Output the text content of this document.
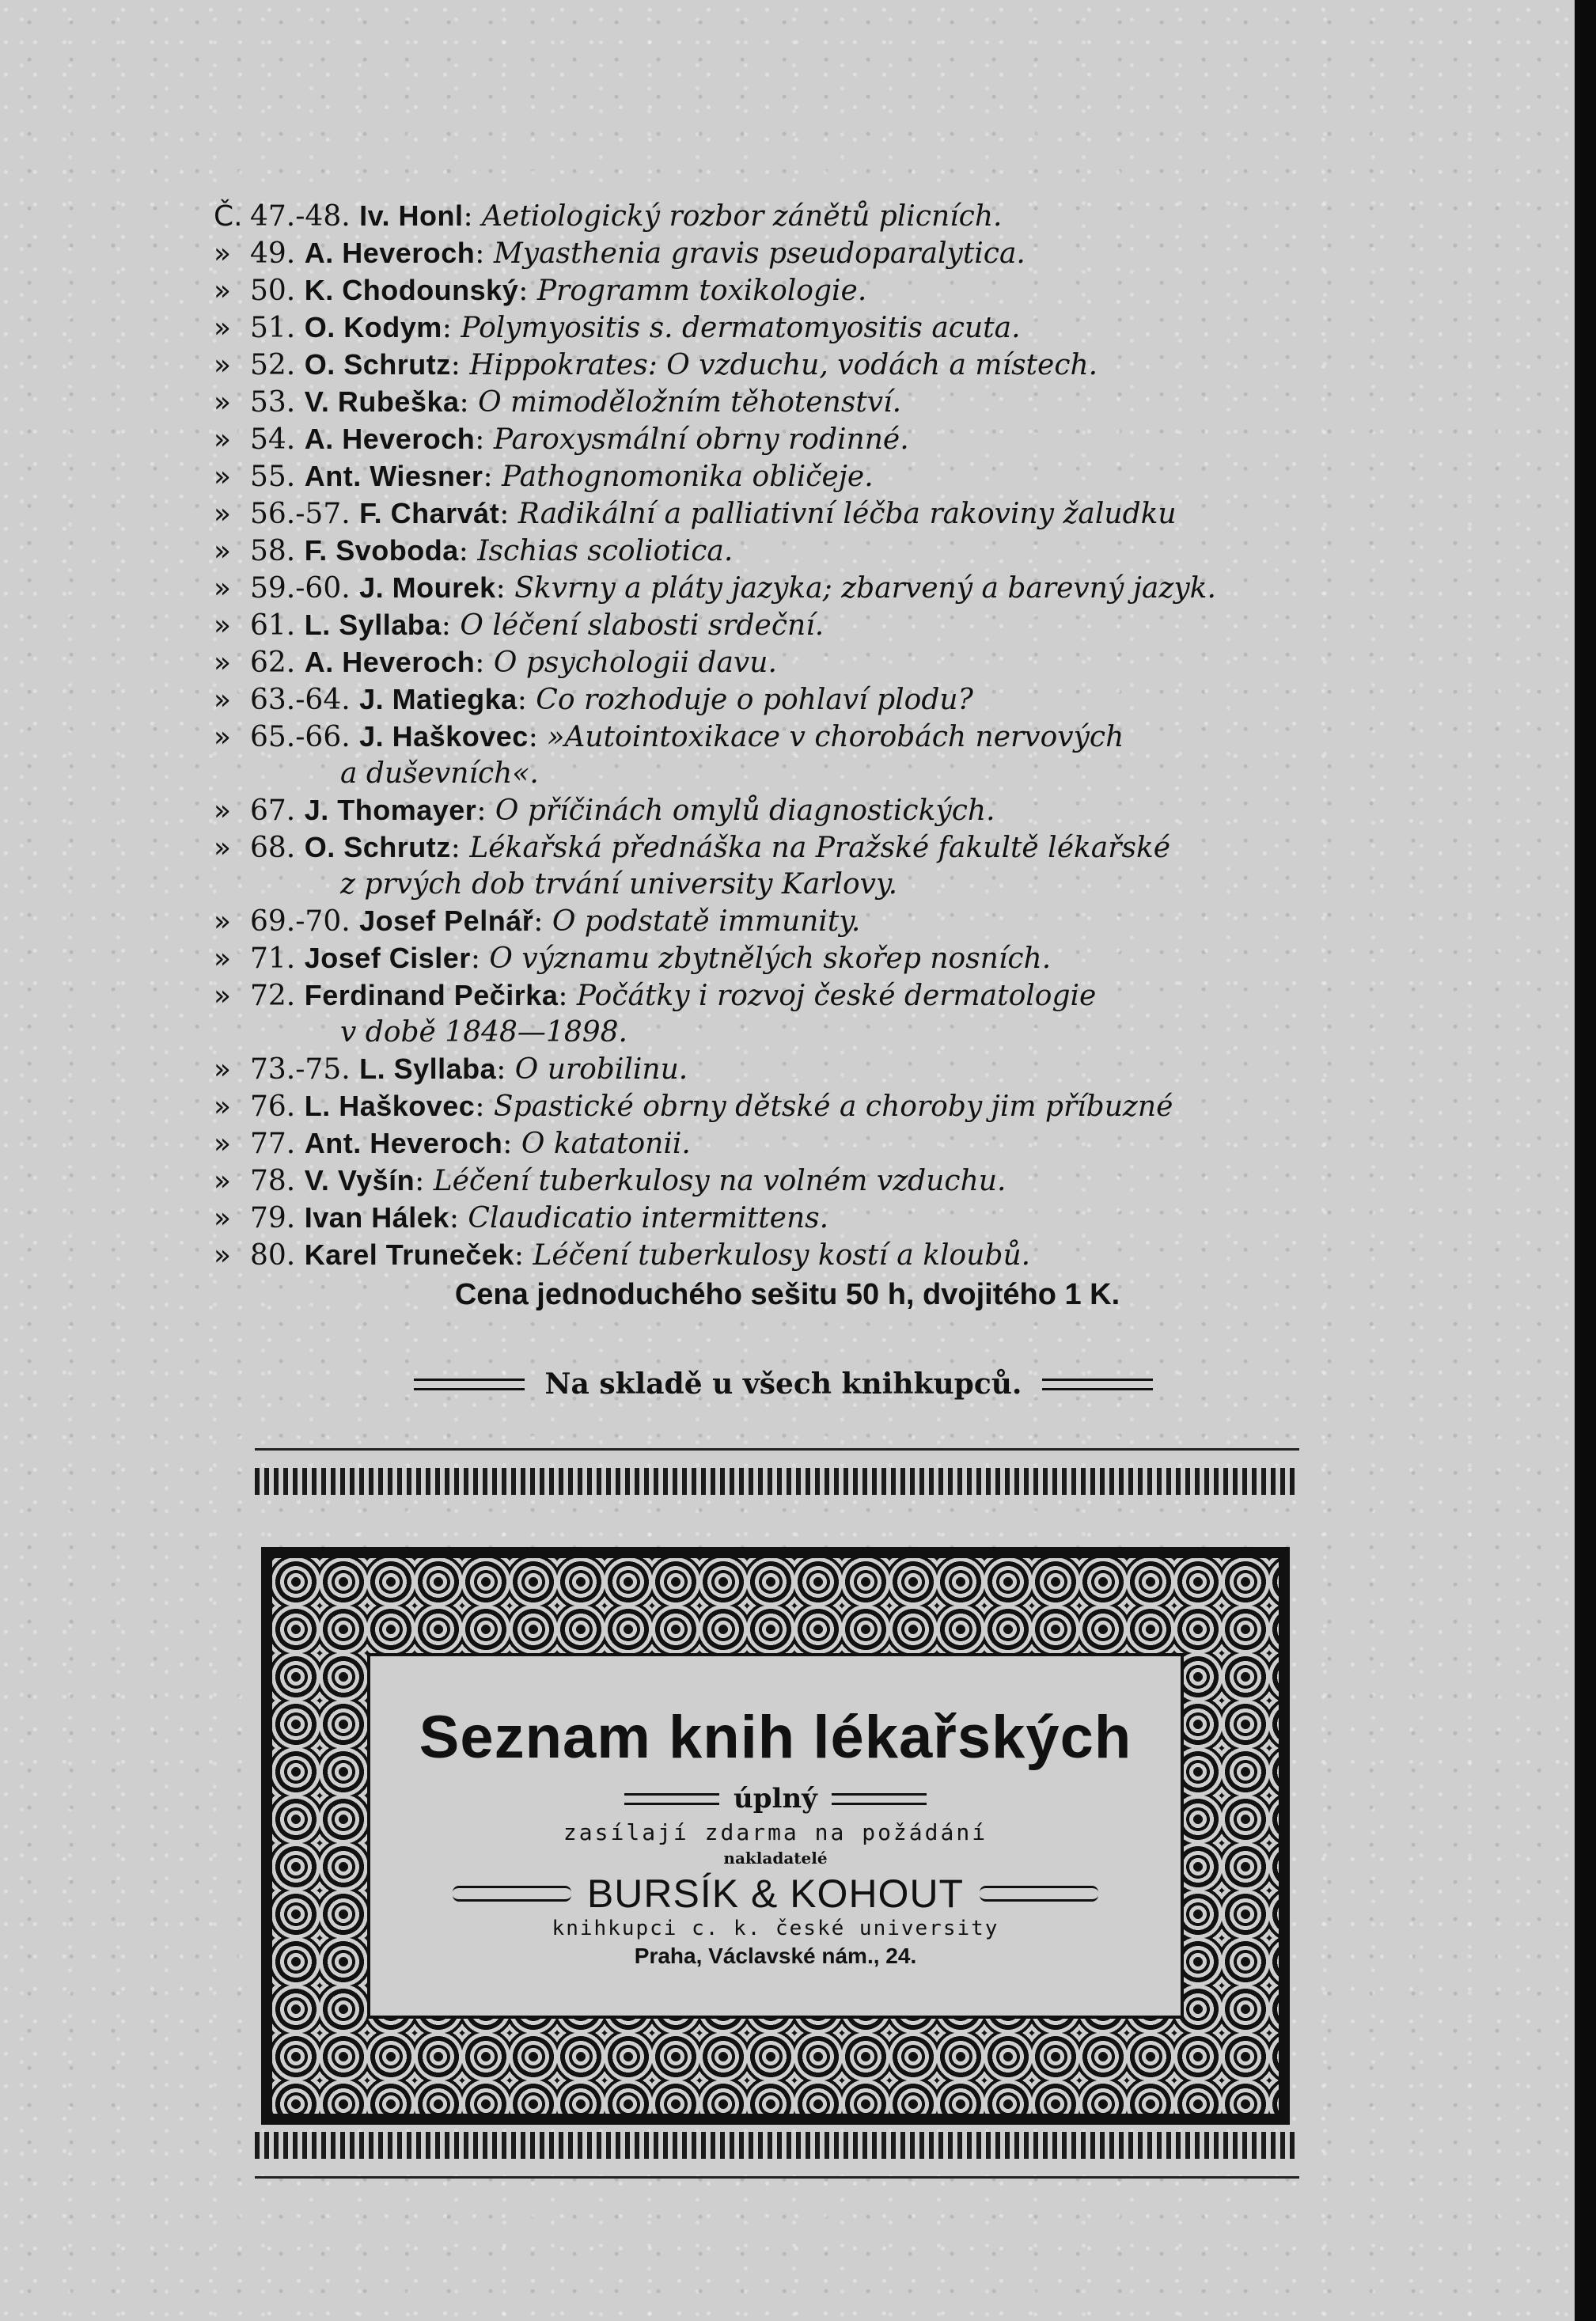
Č. 47.-48. Iv. Honl: Aetiologický rozbor zánětů plicních.
» 49. A. Heveroch: Myasthenia gravis pseudoparalytica.
» 50. K. Chodounský: Programm toxikologie.
» 51. O. Kodym: Polymyositis s. dermatomyositis acuta.
» 52. O. Schrutz: Hippokrates: O vzduchu, vodách a místech.
» 53. V. Rubeška: O mimoděložním těhotenství.
» 54. A. Heveroch: Paroxysmální obrny rodinné.
» 55. Ant. Wiesner: Pathognomonika obličeje.
» 56.-57. F. Charvát: Radikální a palliativní léčba rakoviny žaludku
» 58. F. Svoboda: Ischias scoliotica.
» 59.-60. J. Mourek: Skvrny a pláty jazyka; zbarvený a barevný jazyk.
» 61. L. Syllaba: O léčení slabosti srdeční.
» 62. A. Heveroch: O psychologii davu.
» 63.-64. J. Matiegka: Co rozhoduje o pohlaví plodu?
» 65.-66. J. Haškovec: »Autointoxikace v chorobách nervových
a duševních«.
» 67. J. Thomayer: O příčinách omylů diagnostických.
» 68. O. Schrutz: Lékařská přednáška na Pražské fakultě lékařské
z prvých dob trvání university Karlovy.
» 69.-70. Josef Pelnář: O podstatě immunity.
» 71. Josef Cisler: O významu zbytnělých skořep nosních.
» 72. Ferdinand Pečirka: Počátky i rozvoj české dermatologie
v době 1848—1898.
» 73.-75. L. Syllaba: O urobilinu.
» 76. L. Haškovec: Spastické obrny dětské a choroby jim příbuzné
» 77. Ant. Heveroch: O katatonii.
» 78. V. Vyšín: Léčení tuberkulosy na volném vzduchu.
» 79. Ivan Hálek: Claudicatio intermittens.
» 80. Karel Truneček: Léčení tuberkulosy kostí a kloubů.
Cena jednoduchého sešitu 50 h, dvojitého 1 K.
Na skladě u všech knihkupců.
Seznam knih lékařských
úplný
zasílají zdarma na požádání
nakladatelé
BURSÍK & KOHOUT
knihkupci c. k. české university
Praha, Václavské nám., 24.
